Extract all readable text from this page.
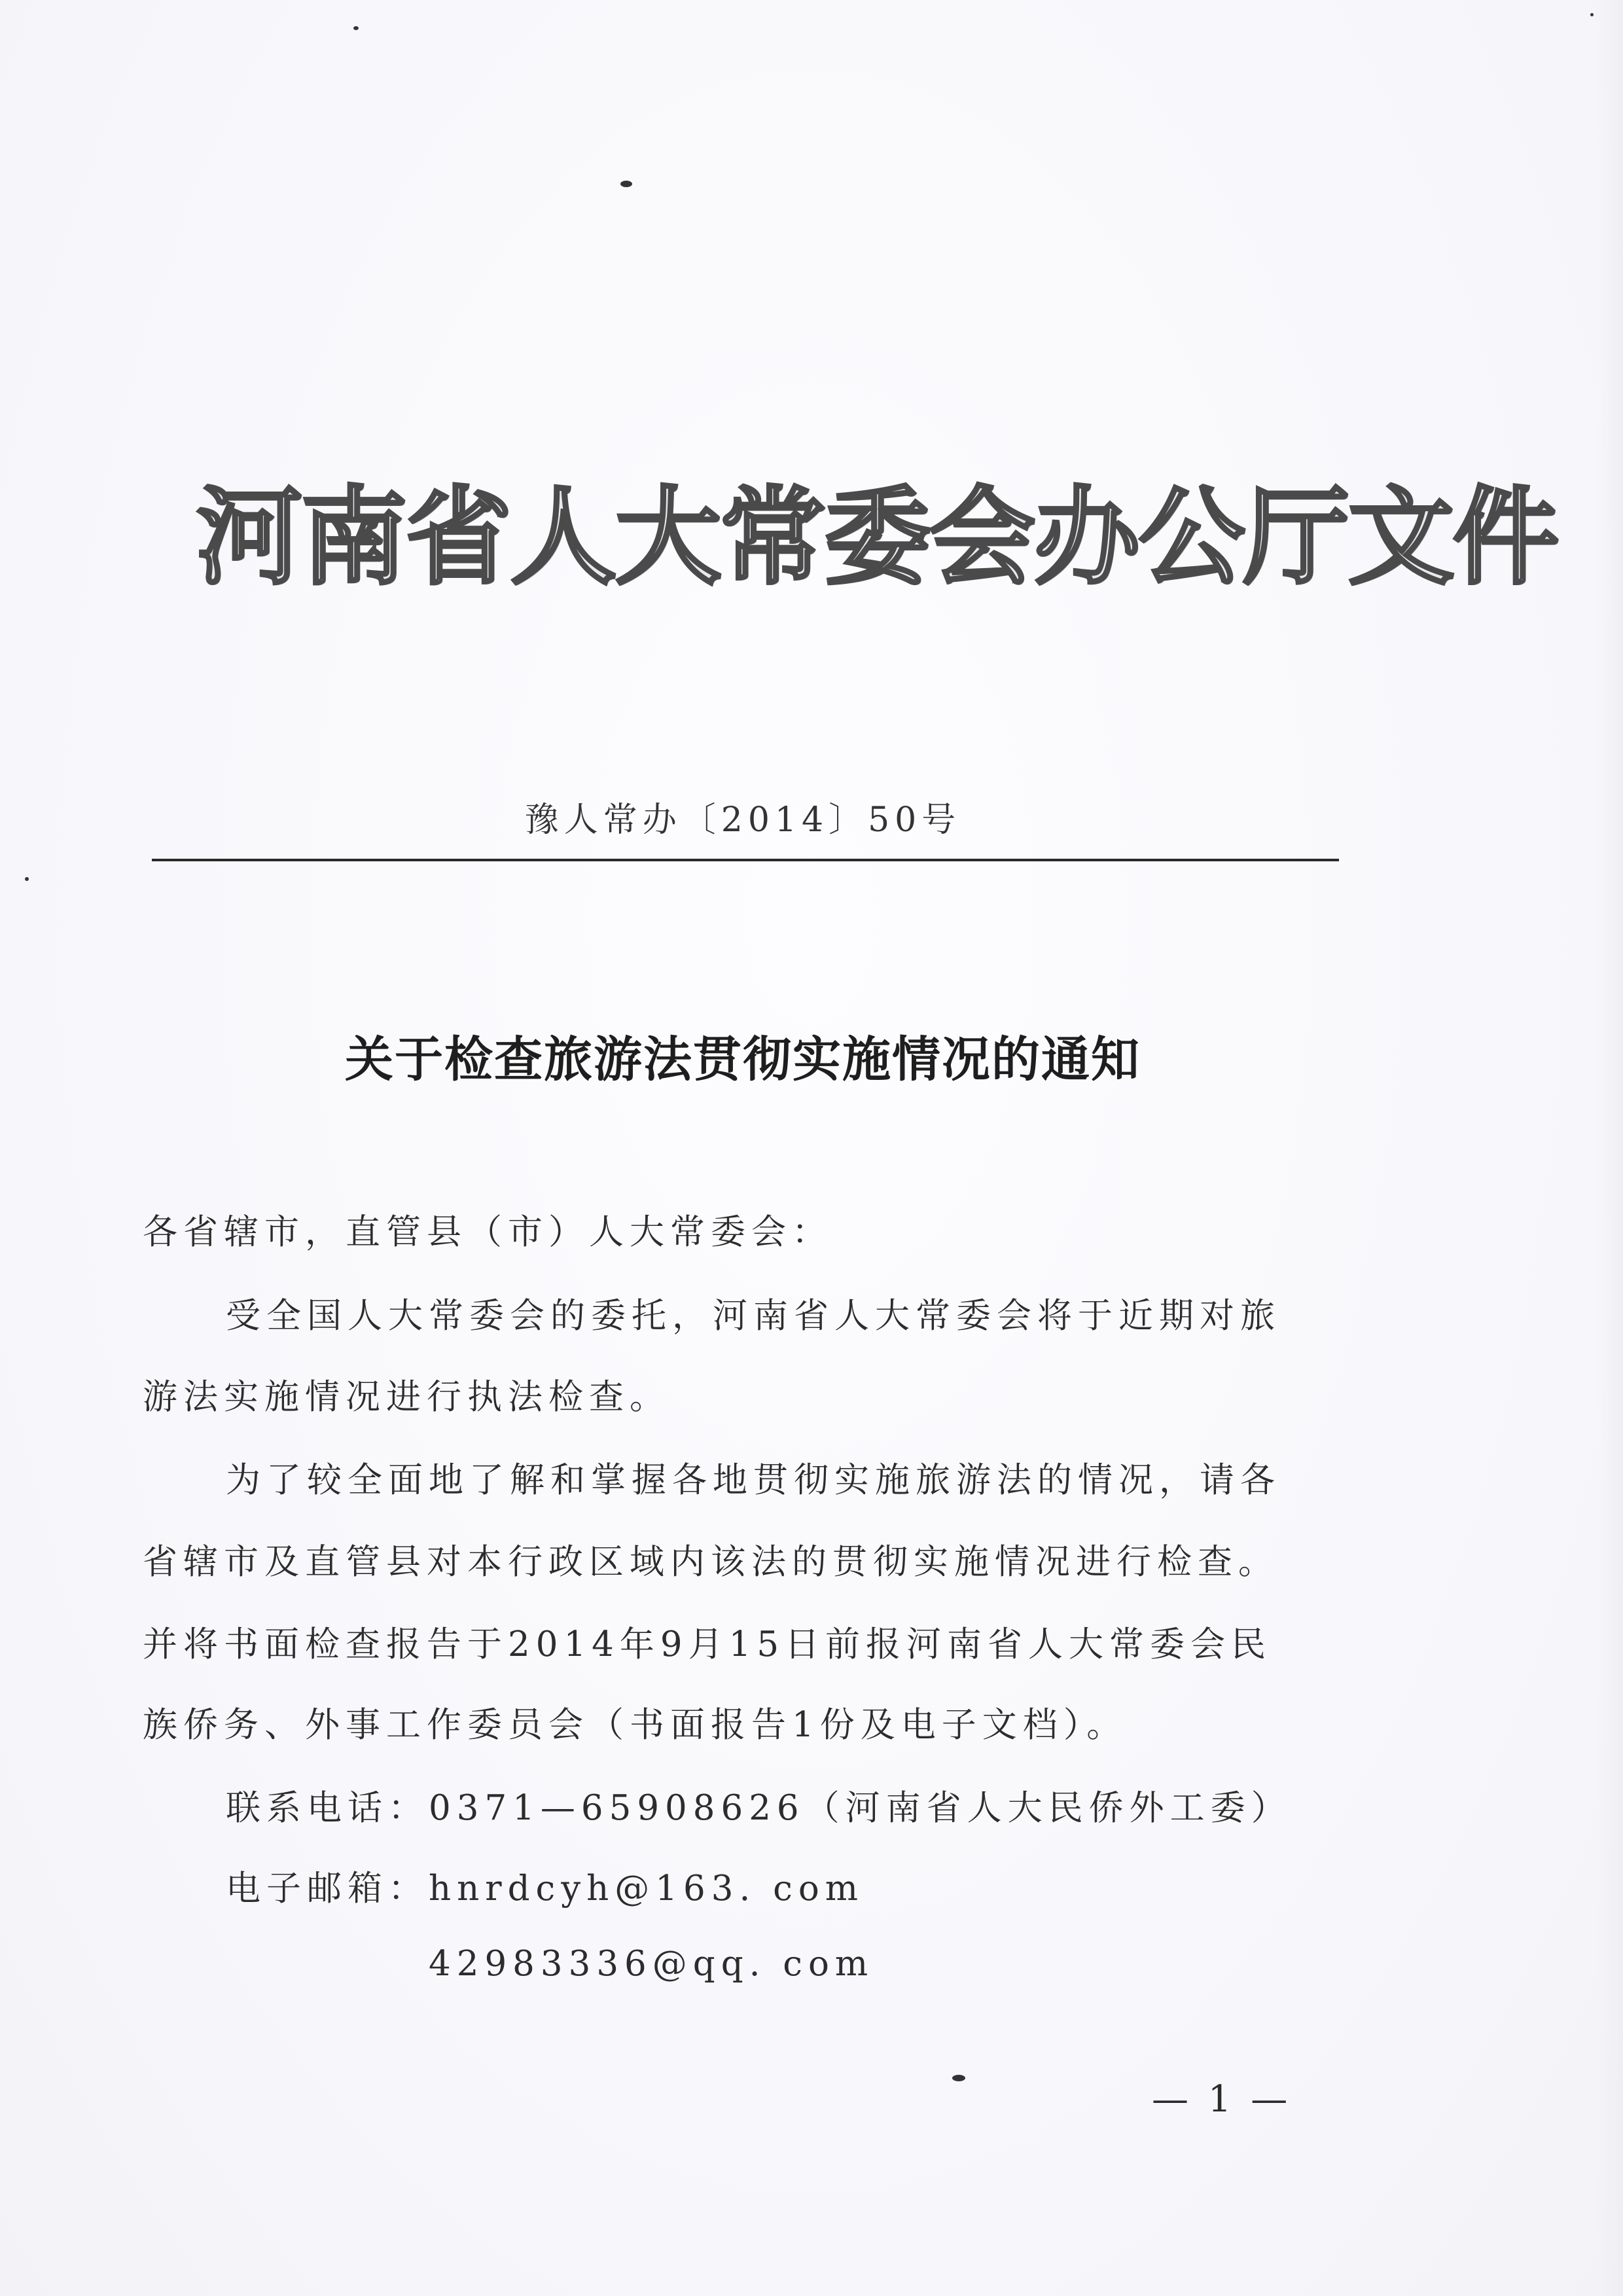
河南省人大常委会办公厅文件
豫人常办〔2014〕50号
关于检查旅游法贯彻实施情况的通知
各省辖市，直管县（市）人大常委会：
受全国人大常委会的委托，河南省人大常委会将于近期对旅
游法实施情况进行执法检查。
为了较全面地了解和掌握各地贯彻实施旅游法的情况，请各
省辖市及直管县对本行政区域内该法的贯彻实施情况进行检查。
并将书面检查报告于2014年9月15日前报河南省人大常委会民
族侨务、外事工作委员会（书面报告1份及电子文档）。
联系电话：0371—65908626（河南省人大民侨外工委）
电子邮箱：hnrdcyh@163. com
42983336@qq. com
— 1 —
